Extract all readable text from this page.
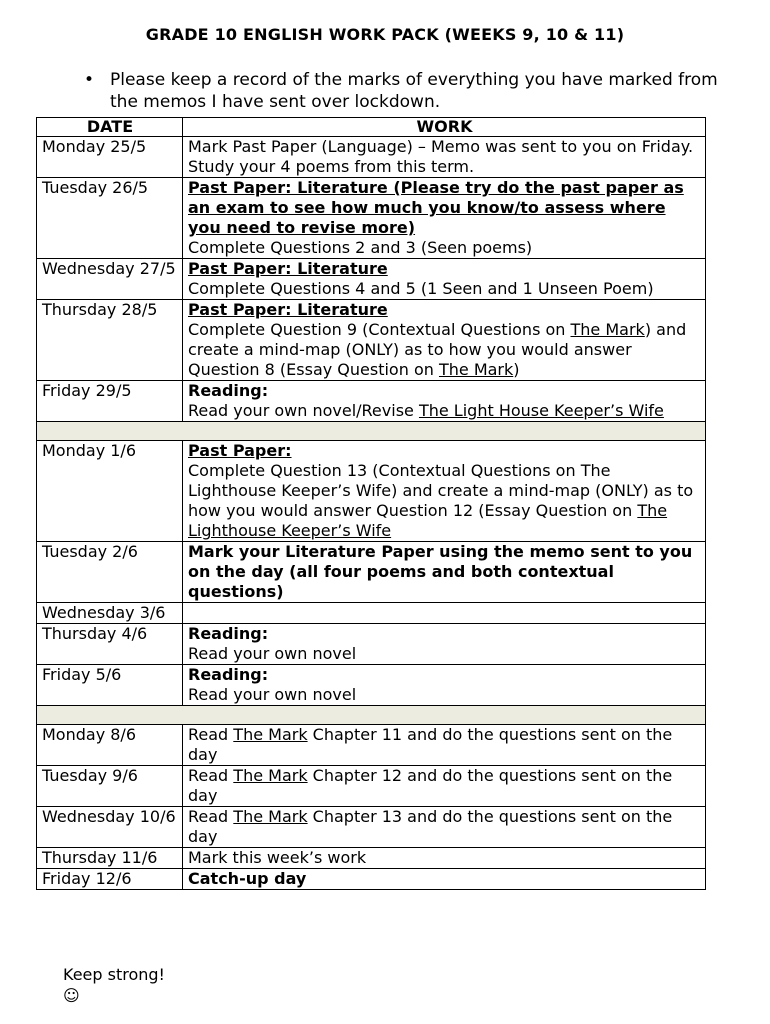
GRADE 10 ENGLISH WORK PACK (WEEKS 9, 10 & 11)
• Please keep a record of the marks of everything you have marked from the memos I have sent over lockdown.
DATE	WORK
Monday 25/5	Mark Past Paper (Language) – Memo was sent to you on Friday. Study your 4 poems from this term.
Tuesday 26/5	Past Paper: Literature (Please try do the past paper as an exam to see how much you know/to assess where you need to revise more)
Complete Questions 2 and 3 (Seen poems)

Wednesday 27/5	Past Paper: Literature
Complete Questions 4 and 5 (1 Seen and 1 Unseen Poem)

Thursday 28/5	Past Paper: Literature
Complete Question 9 (Contextual Questions on The Mark) and create a mind-map (ONLY) as to how you would answer Question 8 (Essay Question on The Mark)

Friday 29/5	Reading:
Read your own novel/Revise The Light House Keeper’s Wife

Monday 1/6	Past Paper:
Complete Question 13 (Contextual Questions on The Lighthouse Keeper’s Wife) and create a mind-map (ONLY) as to how you would answer Question 12 (Essay Question on The Lighthouse Keeper’s Wife

Tuesday 2/6	Mark your Literature Paper using the memo sent to you on the day (all four poems and both contextual questions)

Wednesday 3/6	
Thursday 4/6	Reading:
Read your own novel

Friday 5/6	Reading:
Read your own novel

Monday 8/6	Read The Mark Chapter 11 and do the questions sent on the day
Tuesday 9/6	Read The Mark Chapter 12 and do the questions sent on the day
Wednesday 10/6	Read The Mark Chapter 13 and do the questions sent on the day
Thursday 11/6	Mark this week’s work
Friday 12/6	Catch-up day
Keep strong!
☺
